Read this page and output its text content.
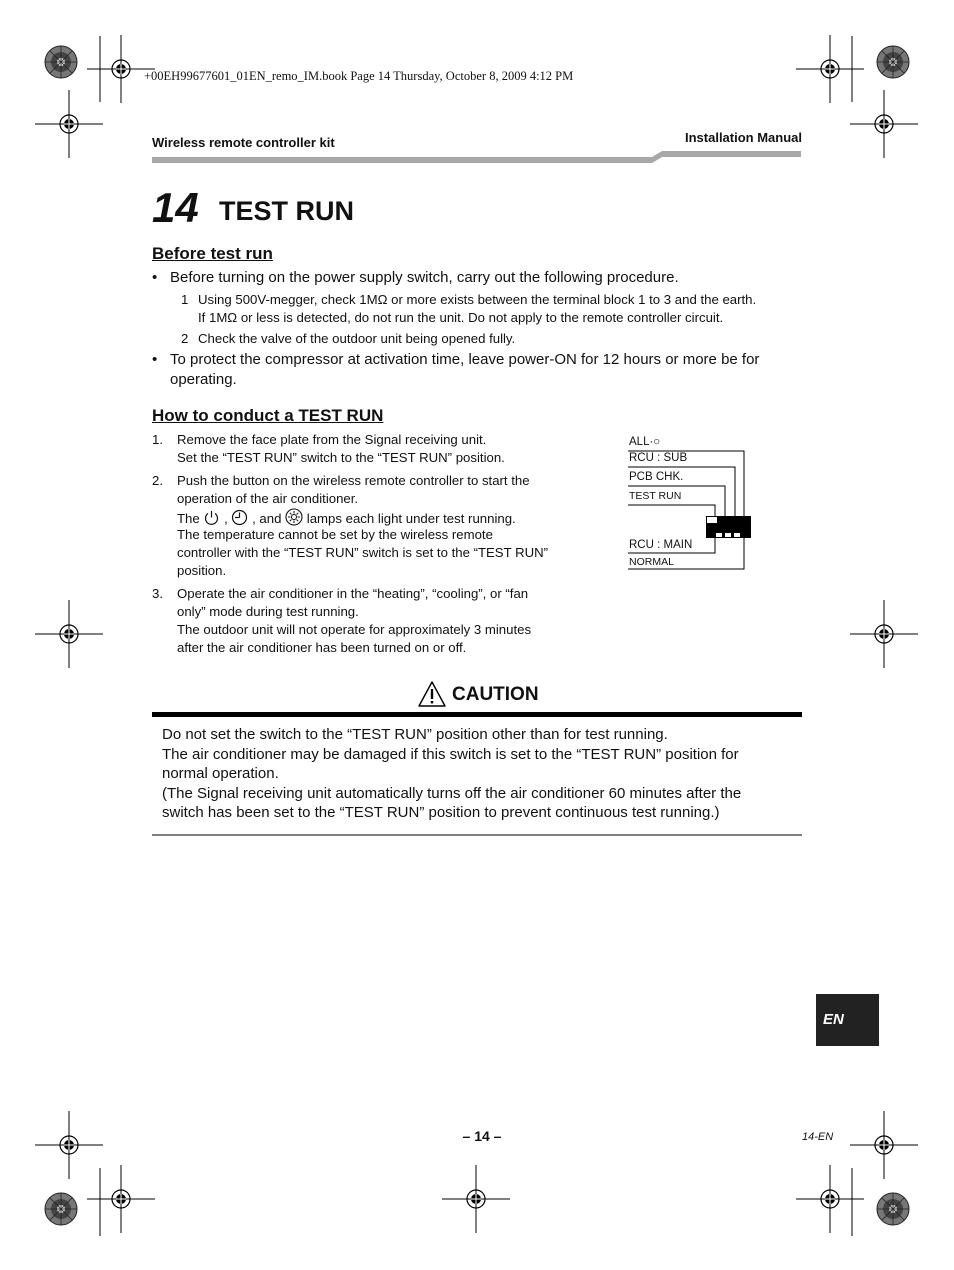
+00EH99677601_01EN_remo_IM.book Page 14 Thursday, October 8, 2009 4:12 PM
Wireless remote controller kit	Installation Manual
14 TEST RUN
Before test run
• Before turning on the power supply switch, carry out the following procedure.
1 Using 500V-megger, check 1MΩ or more exists between the terminal block 1 to 3 and the earth.
If 1MΩ or less is detected, do not run the unit. Do not apply to the remote controller circuit.
2 Check the valve of the outdoor unit being opened fully.
• To protect the compressor at activation time, leave power-ON for 12 hours or more be for
operating.
How to conduct a TEST RUN
1. Remove the face plate from the Signal receiving unit.
Set the “TEST RUN” switch to the “TEST RUN” position.
2. Push the button on the wireless remote controller to start the
operation of the air conditioner.
The , , and lamps each light under test running.
The temperature cannot be set by the wireless remote
controller with the “TEST RUN” switch is set to the “TEST RUN”
position.
3. Operate the air conditioner in the “heating”, “cooling”, or “fan
only” mode during test running.
The outdoor unit will not operate for approximately 3 minutes
after the air conditioner has been turned on or off.
ALL·○
RCU : SUB
PCB CHK.
TEST RUN
RCU : MAIN
NORMAL
CAUTION
Do not set the switch to the “TEST RUN” position other than for test running.
The air conditioner may be damaged if this switch is set to the “TEST RUN” position for
normal operation.
(The Signal receiving unit automatically turns off the air conditioner 60 minutes after the
switch has been set to the “TEST RUN” position to prevent continuous test running.)
EN
– 14 –	14-EN
